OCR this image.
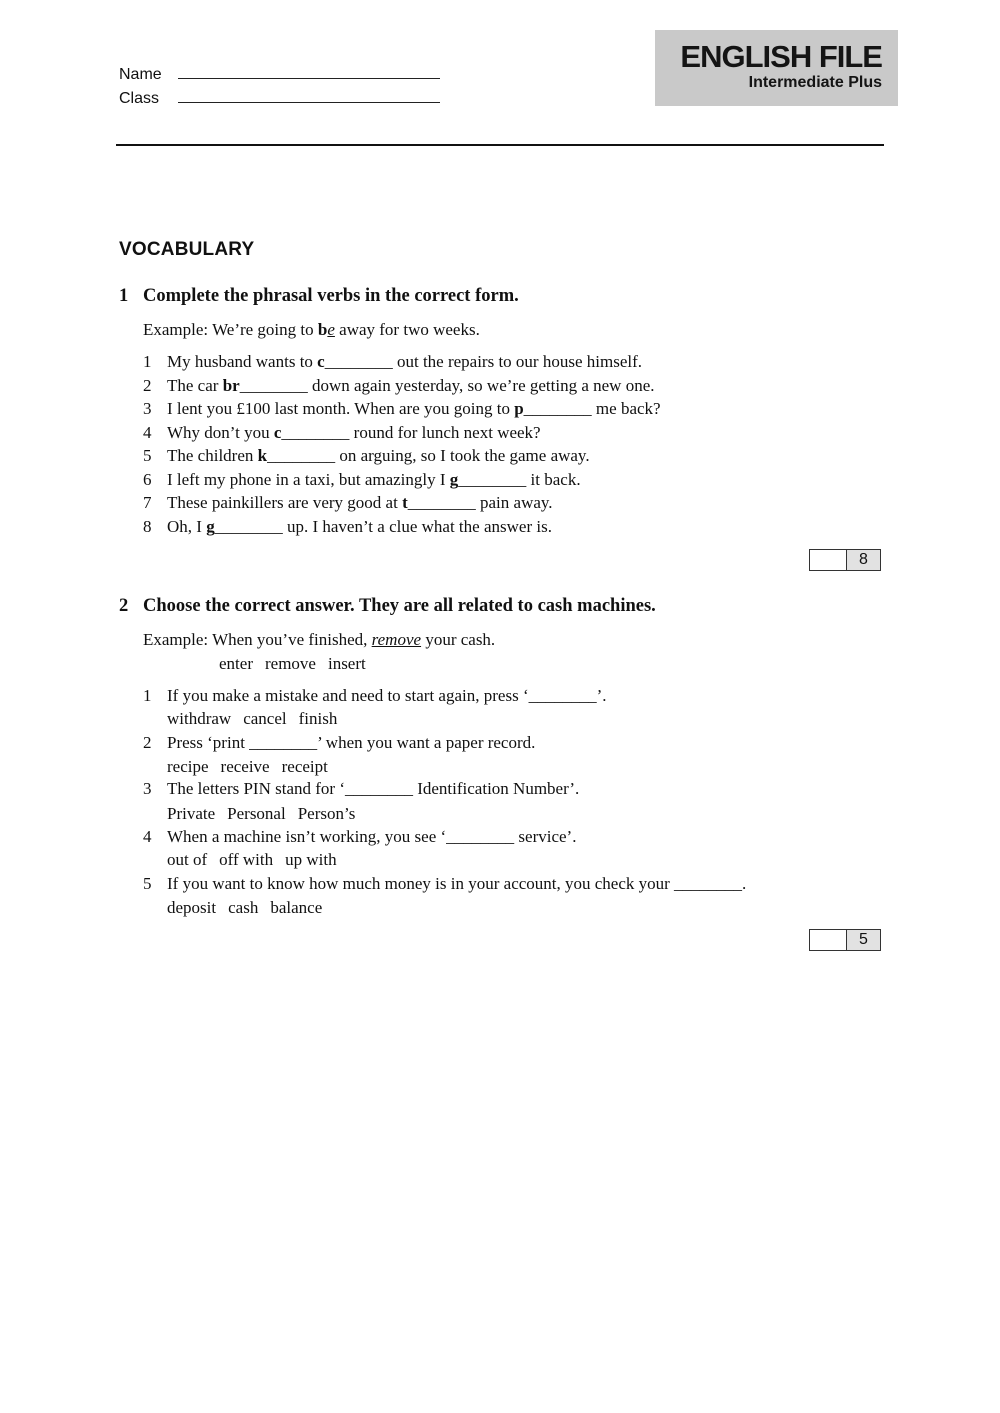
Name
Class
ENGLISH FILE
Intermediate Plus
VOCABULARY
1 Complete the phrasal verbs in the correct form.
Example: We’re going to be away for two weeks.
1 My husband wants to c________ out the repairs to our house himself.
2 The car br________ down again yesterday, so we’re getting a new one.
3 I lent you £100 last month. When are you going to p________ me back?
4 Why don’t you c________ round for lunch next week?
5 The children k________ on arguing, so I took the game away.
6 I left my phone in a taxi, but amazingly I g________ it back.
7 These painkillers are very good at t________ pain away.
8 Oh, I g________ up. I haven’t a clue what the answer is.
8
2 Choose the correct answer. They are all related to cash machines.
Example: When you’ve finished, remove your cash.
enter remove insert
1 If you make a mistake and need to start again, press ‘________’.
withdraw cancel finish
2 Press ‘print ________’ when you want a paper record.
recipe receive receipt
3 The letters PIN stand for ‘________ Identification Number’.
Private Personal Person’s
4 When a machine isn’t working, you see ‘________ service’.
out of off with up with
5 If you want to know how much money is in your account, you check your ________.
deposit cash balance
5
